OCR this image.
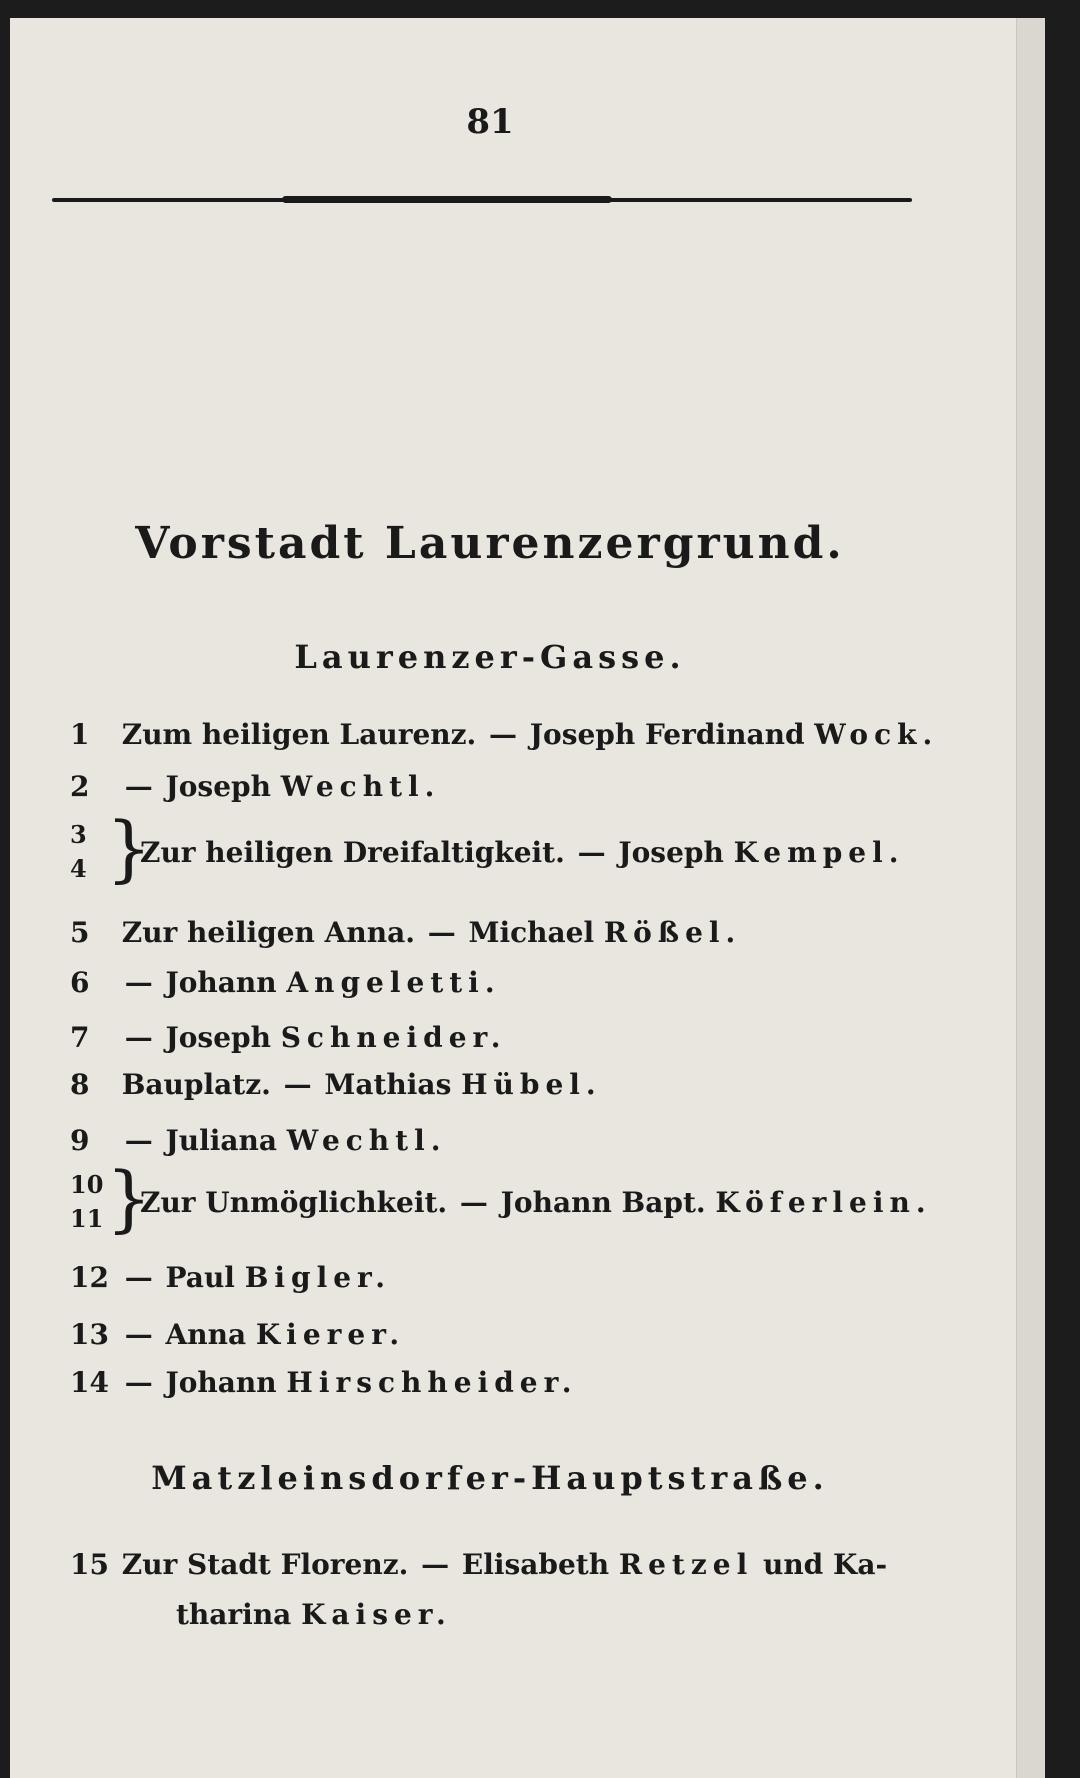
81
Vorstadt Laurenzergrund.
Laurenzer-Gasse.
1 Zum heiligen Laurenz. — Joseph Ferdinand Wock.
2 — Joseph Wechtl.
3
4 }
Zur heiligen Dreifaltigkeit. — Joseph Kempel.
5 Zur heiligen Anna. — Michael Rößel.
6 — Johann Angeletti.
7 — Joseph Schneider.
8 Bauplatz. — Mathias Hübel.
9 — Juliana Wechtl.
10
11 }
Zur Unmöglichkeit. — Johann Bapt. Köferlein.
12 — Paul Bigler.
13 — Anna Kierer.
14 — Johann Hirschheider.
Matzleinsdorfer-Hauptstraße.
15 Zur Stadt Florenz. — Elisabeth Retzel und Ka-
tharina Kaiser.
